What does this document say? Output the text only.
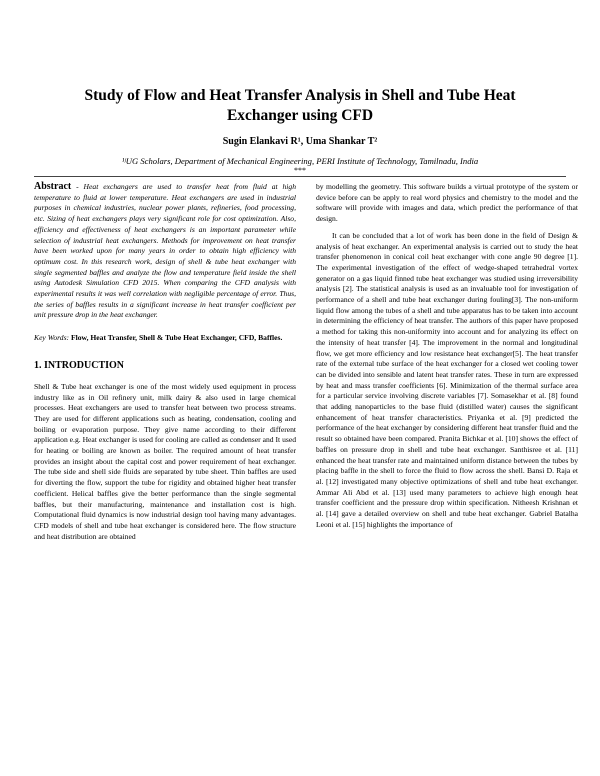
Study of Flow and Heat Transfer Analysis in Shell and Tube Heat Exchanger using CFD
Sugin Elankavi R¹, Uma Shankar T²
¹ʲUG Scholars, Department of Mechanical Engineering, PERI Institute of Technology, Tamilnadu, India
***

Abstract - Heat exchangers are used to transfer heat from fluid at high temperature to fluid at lower temperature. Heat exchangers are used in industrial purposes in chemical industries, nuclear power plants, refineries, food processing, etc. Sizing of heat exchangers plays very significant role for cost optimization. Also, efficiency and effectiveness of heat exchangers is an important parameter while selection of industrial heat exchangers. Methods for improvement on heat transfer have been worked upon for many years in order to obtain high efficiency with optimum cost. In this research work, design of shell & tube heat exchanger with single segmented baffles and analyze the flow and temperature field inside the shell using Autodesk Simulation CFD 2015. When comparing the CFD analysis with experimental results it was well correlation with negligible percentage of error. Thus, the series of baffles results in a significant increase in heat transfer coefficient per unit pressure drop in the heat exchanger.

Key Words: Flow, Heat Transfer, Shell & Tube Heat Exchanger, CFD, Baffles.

1. INTRODUCTION

Shell & Tube heat exchanger is one of the most widely used equipment in process industry like as in Oil refinery unit, milk dairy & also used in large chemical processes. Heat exchangers are used to transfer heat between two process streams. They are used for different applications such as heating, condensation, cooling and boiling or evaporation purpose. They give name according to their different application e.g. Heat exchanger is used for cooling are called as condenser and It used for heating or boiling are known as boiler. The required amount of heat transfer provides an insight about the capital cost and power requirement of heat exchanger. The tube side and shell side fluids are separated by tube sheet. Thin baffles are used for diverting the flow, support the tube for rigidity and obtained higher heat transfer coefficient. Helical baffles give the better performance than the single segmental baffles, but their manufacturing, maintenance and installation cost is high. Computational fluid dynamics is now industrial design tool having many advantages. CFD models of shell and tube heat exchanger is considered here. The flow structure and heat distribution are obtained

by modelling the geometry. This software builds a virtual prototype of the system or device before can be apply to real word physics and chemistry to the model and the software will provide with images and data, which predict the performance of that design.

It can be concluded that a lot of work has been done in the field of Design & analysis of heat exchanger. An experimental analysis is carried out to study the heat transfer phenomenon in conical coil heat exchanger with cone angle 90 degree [1]. The experimental investigation of the effect of wedge-shaped tetrahedral vortex generator on a gas liquid finned tube heat exchanger was studied using irreversibility analysis [2]. The statistical analysis is used as an invaluable tool for investigation of performance of a shell and tube heat exchanger during fouling[3]. The non-uniform liquid flow among the tubes of a shell and tube apparatus has to be taken into account in determining the efficiency of heat transfer. The authors of this paper have proposed a method for taking this non-uniformity into account and for analyzing its effect on the intensity of heat transfer [4]. The improvement in the normal and longitudinal flow, we get more efficiency and low resistance heat exchanger[5]. The heat transfer rate of the external tube surface of the heat exchanger for a closed wet cooling tower can be divided into sensible and latent heat transfer rates. These in turn are expressed by heat and mass transfer coefficients [6]. Minimization of the thermal surface area for a particular service involving discrete variables [7]. Somasekhar et al. [8] found that adding nanoparticles to the base fluid (distilled water) causes the significant enhancement of heat transfer characteristics. Priyanka et al. [9] predicted the performance of the heat exchanger by considering different heat transfer fluid and the result so obtained have been compared. Pranita Bichkar et al. [10] shows the effect of baffles on pressure drop in shell and tube heat exchanger. Santhisree et al. [11] enhanced the heat transfer rate and maintained uniform distance between the tubes by placing baffle in the shell to force the fluid to flow across the shell. Bansi D. Raja et al. [12] investigated many objective optimizations of shell and tube heat exchanger. Ammar Ali Abd et al. [13] used many parameters to achieve high enough heat transfer coefficient and the pressure drop within specification. Nitheesh Krishnan et al. [14] gave a detailed overview on shell and tube heat exchanger. Gabriel Batalha Leoni et al. [15] highlights the importance of
